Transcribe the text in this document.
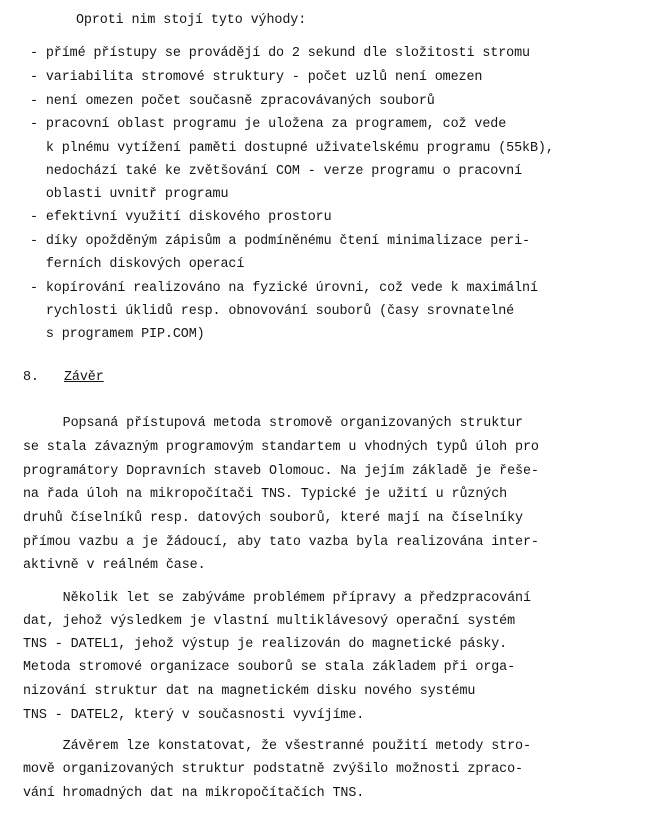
Oproti nim stojí tyto výhody:
- přímé přístupy se provádějí do 2 sekund dle složitosti stromu
- variabilita stromové struktury - počet uzlů není omezen
- není omezen počet současně zpracovávaných souborů
- pracovní oblast programu je uložena za programem, což vede
k plnému vytížení paměti dostupné uživatelskému programu (55kB),
nedochází také ke zvětšování COM - verze programu o pracovní
oblasti uvnitř programu
- efektivní využití diskového prostoru
- díky opožděným zápisům a podmíněnému čtení minimalizace peri-
ferních diskových operací
- kopírování realizováno na fyzické úrovni, což vede k maximální
rychlosti úklidů resp. obnovování souborů (časy srovnatelné
s programem PIP.COM)
8. Závěr
Popsaná přístupová metoda stromově organizovaných struktur
se stala závazným programovým standartem u vhodných typů úloh pro
programátory Dopravních staveb Olomouc. Na jejím základě je řeše-
na řada úloh na mikropočítači TNS. Typické je užití u různých
druhů číselníků resp. datových souborů, které mají na číselníky
přímou vazbu a je žádoucí, aby tato vazba byla realizována inter-
aktivně v reálném čase.
Několik let se zabýváme problémem přípravy a předzpracování
dat, jehož výsledkem je vlastní multiklávesový operační systém
TNS - DATEL1, jehož výstup je realizován do magnetické pásky.
Metoda stromové organizace souborů se stala základem při orga-
nizování struktur dat na magnetickém disku nového systému
TNS - DATEL2, který v současnosti vyvíjíme.
Závěrem lze konstatovat, že všestranné použití metody stro-
mově organizovaných struktur podstatně zvýšilo možnosti zpraco-
vání hromadných dat na mikropočítačích TNS.
